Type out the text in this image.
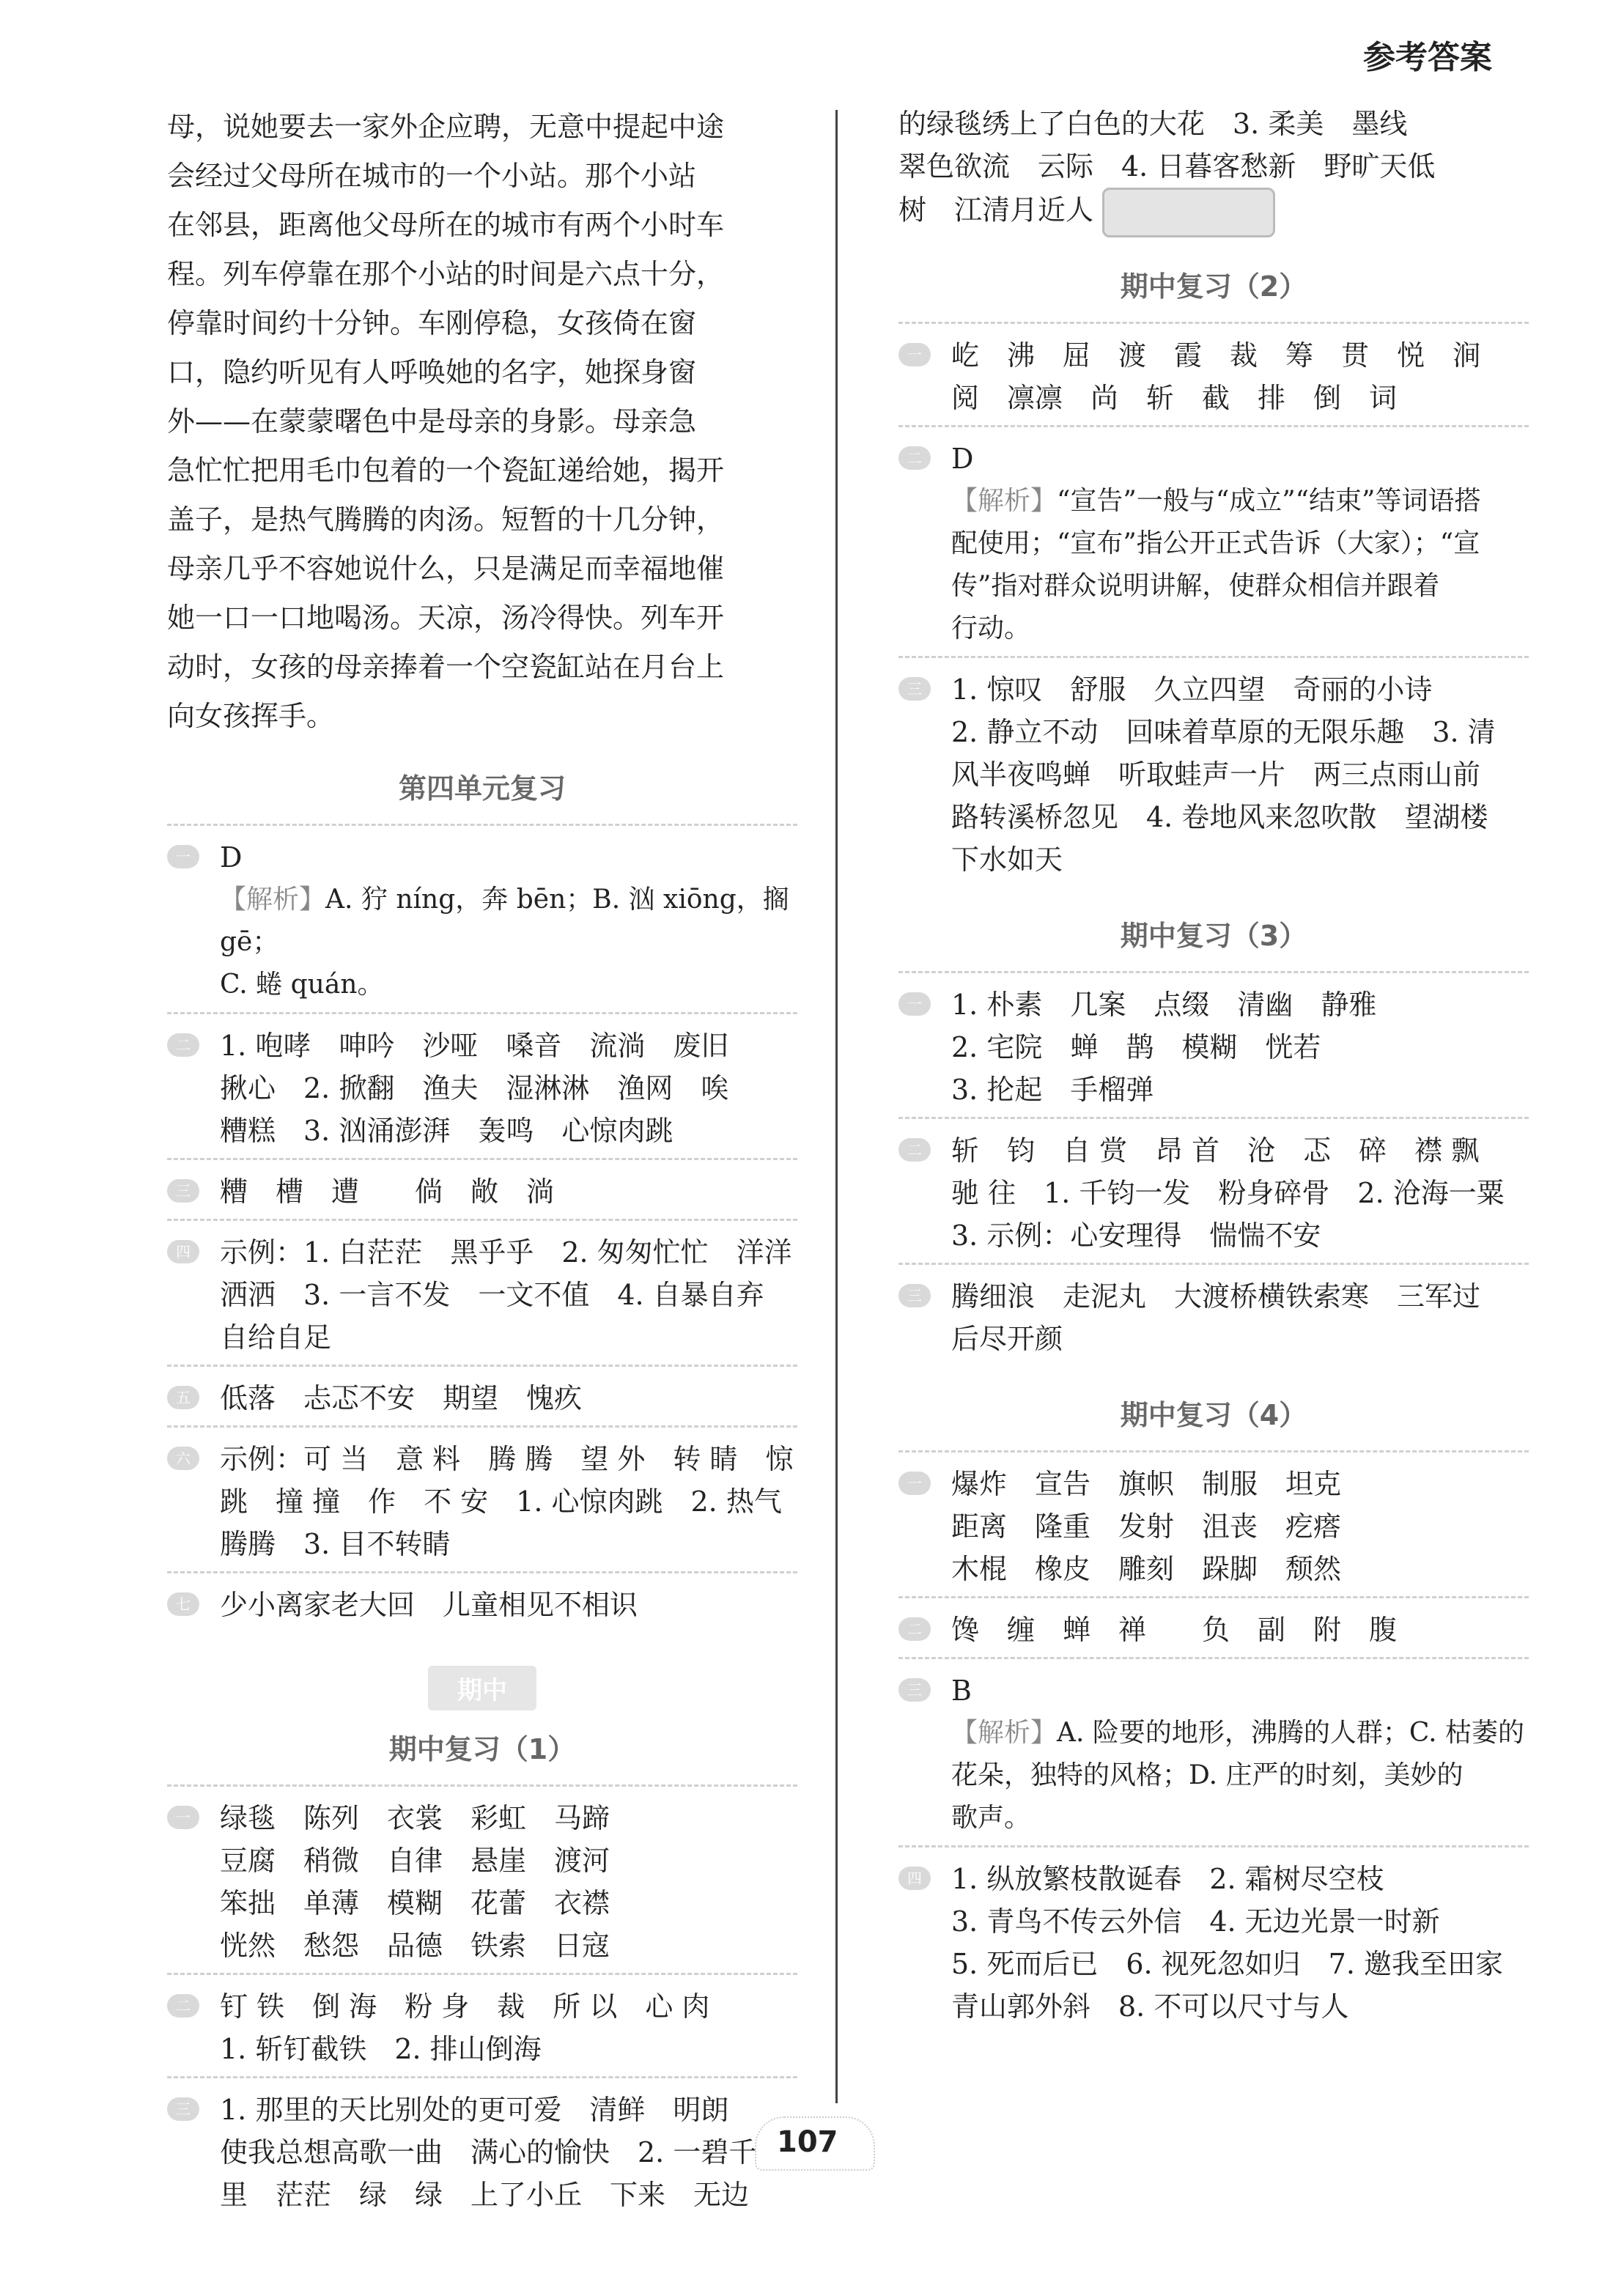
参考答案

母，说她要去一家外企应聘，无意中提起中途

会经过父母所在城市的一个小站。那个小站

在邻县，距离他父母所在的城市有两个小时车

程。列车停靠在那个小站的时间是六点十分，

停靠时间约十分钟。车刚停稳，女孩倚在窗

口，隐约听见有人呼唤她的名字，她探身窗

外——在蒙蒙曙色中是母亲的身影。母亲急

急忙忙把用毛巾包着的一个瓷缸递给她，揭开

盖子，是热气腾腾的肉汤。短暂的十几分钟，

母亲几乎不容她说什么，只是满足而幸福地催

她一口一口地喝汤。天凉，汤冷得快。列车开

动时，女孩的母亲捧着一个空瓷缸站在月台上

向女孩挥手。

第四单元复习

一	D

【解析】A. 狞 níng，奔 bēn；B. 汹 xiōng，搁 gē；

C. 蜷 quán。

二	1. 咆哮　呻吟　沙哑　嗓音　流淌　废旧

揪心　2. 掀翻　渔夫　湿淋淋　渔网　唉

糟糕　3. 汹涌澎湃　轰鸣　心惊肉跳

三	糟　槽　遭　　倘　敞　淌

四	示例：1. 白茫茫　黑乎乎　2. 匆匆忙忙　洋洋

洒洒　3. 一言不发　一文不值　4. 自暴自弃

自给自足

五	低落　忐忑不安　期望　愧疚

六	示例：可 当　意 料　腾 腾　望 外　转 睛　惊

跳　撞 撞　作　不 安　1. 心惊肉跳　2. 热气

腾腾　3. 目不转睛

七	少小离家老大回　儿童相见不相识

期中

期中复习（1）

一	绿毯　陈列　衣裳　彩虹　马蹄

豆腐　稍微　自律　悬崖　渡河

笨拙　单薄　模糊　花蕾　衣襟

恍然　愁怨　品德　铁索　日寇

二	钉 铁　倒 海　粉 身　裁　所 以　心 肉

1. 斩钉截铁　2. 排山倒海

三	1. 那里的天比别处的更可爱　清鲜　明朗

使我总想高歌一曲　满心的愉快　2. 一碧千

里　茫茫　绿　绿　上了小丘　下来　无边

的绿毯绣上了白色的大花　3. 柔美　墨线

翠色欲流　云际　4. 日暮客愁新　野旷天低

树　江清月近人

期中复习（2）

一	屹　沸　屈　渡　霞　裁　筹　贯　悦　涧

阅　凛凛　尚　斩　截　排　倒　词

二	D

【解析】“宣告”一般与“成立”“结束”等词语搭

配使用；“宣布”指公开正式告诉（大家）；“宣

传”指对群众说明讲解，使群众相信并跟着

行动。

三	1. 惊叹　舒服　久立四望　奇丽的小诗

2. 静立不动　回味着草原的无限乐趣　3. 清

风半夜鸣蝉　听取蛙声一片　两三点雨山前

路转溪桥忽见　4. 卷地风来忽吹散　望湖楼

下水如天

期中复习（3）

一	1. 朴素　几案　点缀　清幽　静雅

2. 宅院　蝉　鹊　模糊　恍若

3. 抡起　手榴弹

二	斩　钧　自 赏　昂 首　沧　忑　碎　襟 飘

驰 往　1. 千钧一发　粉身碎骨　2. 沧海一粟

3. 示例：心安理得　惴惴不安

三	腾细浪　走泥丸　大渡桥横铁索寒　三军过

后尽开颜

期中复习（4）

一	爆炸　宣告　旗帜　制服　坦克

距离　隆重　发射　沮丧　疙瘩

木棍　橡皮　雕刻　跺脚　颓然

二	馋　缠　蝉　禅　　负　副　附　腹

三	B

【解析】A. 险要的地形，沸腾的人群；C. 枯萎的

花朵，独特的风格；D. 庄严的时刻，美妙的

歌声。

四	1. 纵放繁枝散诞春　2. 霜树尽空枝

3. 青鸟不传云外信　4. 无边光景一时新

5. 死而后已　6. 视死忽如归　7. 邀我至田家

青山郭外斜　8. 不可以尺寸与人

107
